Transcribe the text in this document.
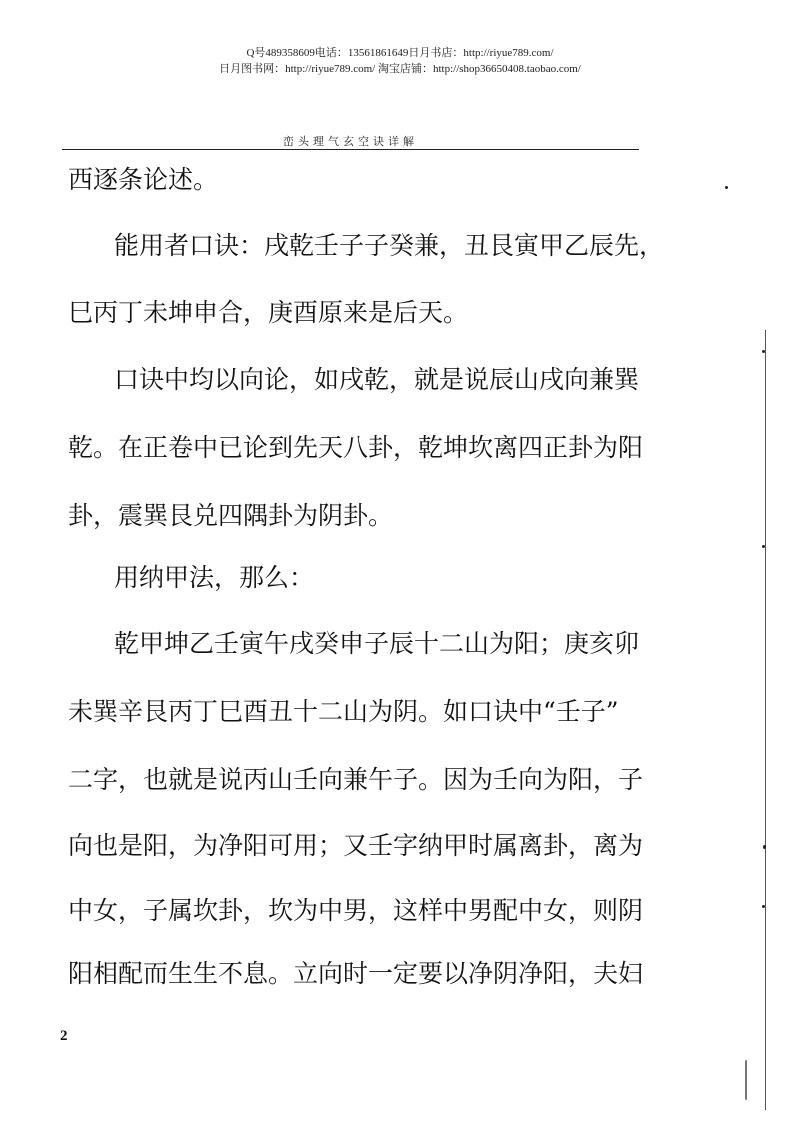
Q号489358609电话：13561861649日月书店：http://riyue789.com/
日月图书网：http://riyue789.com/ 淘宝店铺：http://shop36650408.taobao.com/
峦头理气玄空诀详解
西逐条论述。
能用者口诀：戌乾壬子子癸兼，丑艮寅甲乙辰先，
巳丙丁未坤申合，庚酉原来是后天。
口诀中均以向论，如戌乾，就是说辰山戌向兼巽
乾。在正卷中已论到先天八卦，乾坤坎离四正卦为阳
卦，震巽艮兑四隅卦为阴卦。
用纳甲法，那么：
乾甲坤乙壬寅午戌癸申子辰十二山为阳；庚亥卯
未巽辛艮丙丁巳酉丑十二山为阴。如口诀中“壬子”
二字，也就是说丙山壬向兼午子。因为壬向为阳，子
向也是阳，为净阳可用；又壬字纳甲时属离卦，离为
中女，子属坎卦，坎为中男，这样中男配中女，则阴
阳相配而生生不息。立向时一定要以净阴净阳，夫妇
2
